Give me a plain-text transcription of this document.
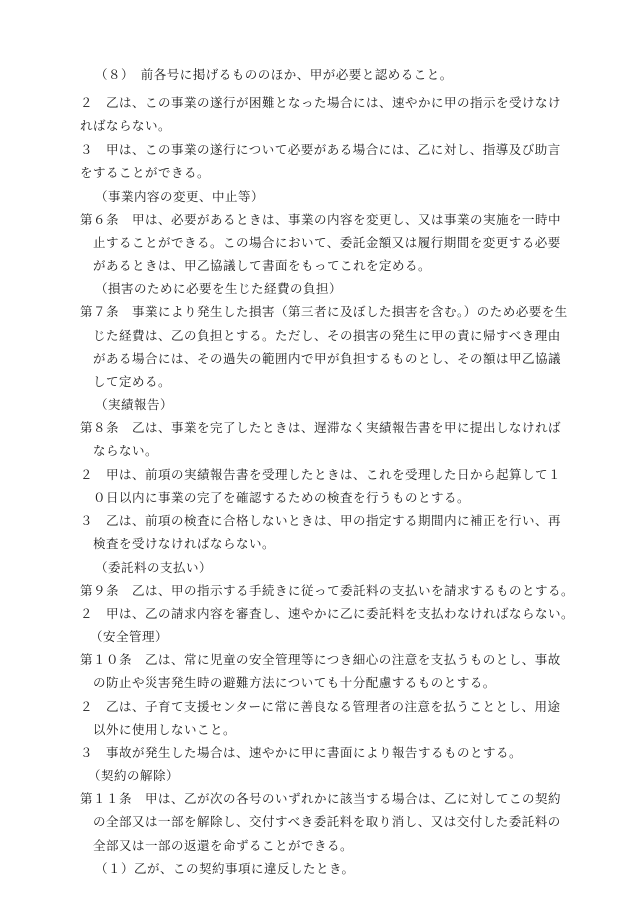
（８）　前各号に掲げるもののほか、甲が必要と認めること。
２　乙は、この事業の遂行が困難となった場合には、速やかに甲の指示を受けなけ
ればならない。
３　甲は、この事業の遂行について必要がある場合には、乙に対し、指導及び助言
をすることができる。
（事業内容の変更、中止等）
第６条　甲は、必要があるときは、事業の内容を変更し、又は事業の実施を一時中
止することができる。この場合において、委託金額又は履行期間を変更する必要
があるときは、甲乙協議して書面をもってこれを定める。
（損害のために必要を生じた経費の負担）
第７条　事業により発生した損害（第三者に及ぼした損害を含む。）のため必要を生
じた経費は、乙の負担とする。ただし、その損害の発生に甲の責に帰すべき理由
がある場合には、その過失の範囲内で甲が負担するものとし、その額は甲乙協議
して定める。
（実績報告）
第８条　乙は、事業を完了したときは、遅滞なく実績報告書を甲に提出しなければ
ならない。
２　甲は、前項の実績報告書を受理したときは、これを受理した日から起算して１
０日以内に事業の完了を確認するための検査を行うものとする。
３　乙は、前項の検査に合格しないときは、甲の指定する期間内に補正を行い、再
検査を受けなければならない。
（委託料の支払い）
第９条　乙は、甲の指示する手続きに従って委託料の支払いを請求するものとする。
２　甲は、乙の請求内容を審査し、速やかに乙に委託料を支払わなければならない。
（安全管理）
第１０条　乙は、常に児童の安全管理等につき細心の注意を支払うものとし、事故
の防止や災害発生時の避難方法についても十分配慮するものとする。
２　乙は、子育て支援センターに常に善良なる管理者の注意を払うこととし、用途
以外に使用しないこと。
３　事故が発生した場合は、速やかに甲に書面により報告するものとする。
（契約の解除）
第１１条　甲は、乙が次の各号のいずれかに該当する場合は、乙に対してこの契約
の全部又は一部を解除し、交付すべき委託料を取り消し、又は交付した委託料の
全部又は一部の返還を命ずることができる。
（１）乙が、この契約事項に違反したとき。
